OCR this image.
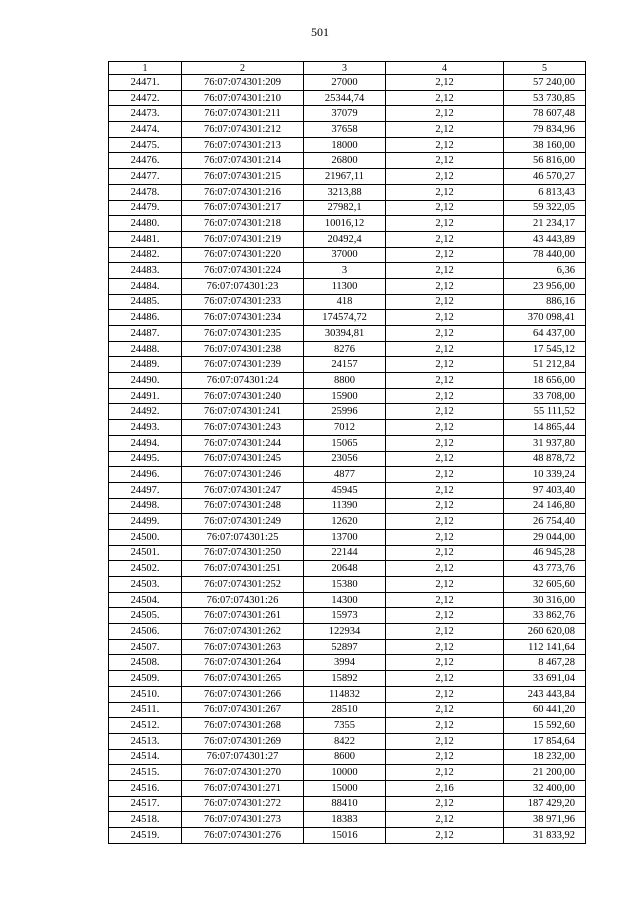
501
1	2	3	4	5
24471.	76:07:074301:209	27000	2,12	57 240,00
24472.	76:07:074301:210	25344,74	2,12	53 730,85
24473.	76:07:074301:211	37079	2,12	78 607,48
24474.	76:07:074301:212	37658	2,12	79 834,96
24475.	76:07:074301:213	18000	2,12	38 160,00
24476.	76:07:074301:214	26800	2,12	56 816,00
24477.	76:07:074301:215	21967,11	2,12	46 570,27
24478.	76:07:074301:216	3213,88	2,12	6 813,43
24479.	76:07:074301:217	27982,1	2,12	59 322,05
24480.	76:07:074301:218	10016,12	2,12	21 234,17
24481.	76:07:074301:219	20492,4	2,12	43 443,89
24482.	76:07:074301:220	37000	2,12	78 440,00
24483.	76:07:074301:224	3	2,12	6,36
24484.	76:07:074301:23	11300	2,12	23 956,00
24485.	76:07:074301:233	418	2,12	886,16
24486.	76:07:074301:234	174574,72	2,12	370 098,41
24487.	76:07:074301:235	30394,81	2,12	64 437,00
24488.	76:07:074301:238	8276	2,12	17 545,12
24489.	76:07:074301:239	24157	2,12	51 212,84
24490.	76:07:074301:24	8800	2,12	18 656,00
24491.	76:07:074301:240	15900	2,12	33 708,00
24492.	76:07:074301:241	25996	2,12	55 111,52
24493.	76:07:074301:243	7012	2,12	14 865,44
24494.	76:07:074301:244	15065	2,12	31 937,80
24495.	76:07:074301:245	23056	2,12	48 878,72
24496.	76:07:074301:246	4877	2,12	10 339,24
24497.	76:07:074301:247	45945	2,12	97 403,40
24498.	76:07:074301:248	11390	2,12	24 146,80
24499.	76:07:074301:249	12620	2,12	26 754,40
24500.	76:07:074301:25	13700	2,12	29 044,00
24501.	76:07:074301:250	22144	2,12	46 945,28
24502.	76:07:074301:251	20648	2,12	43 773,76
24503.	76:07:074301:252	15380	2,12	32 605,60
24504.	76:07:074301:26	14300	2,12	30 316,00
24505.	76:07:074301:261	15973	2,12	33 862,76
24506.	76:07:074301:262	122934	2,12	260 620,08
24507.	76:07:074301:263	52897	2,12	112 141,64
24508.	76:07:074301:264	3994	2,12	8 467,28
24509.	76:07:074301:265	15892	2,12	33 691,04
24510.	76:07:074301:266	114832	2,12	243 443,84
24511.	76:07:074301:267	28510	2,12	60 441,20
24512.	76:07:074301:268	7355	2,12	15 592,60
24513.	76:07:074301:269	8422	2,12	17 854,64
24514.	76:07:074301:27	8600	2,12	18 232,00
24515.	76:07:074301:270	10000	2,12	21 200,00
24516.	76:07:074301:271	15000	2,16	32 400,00
24517.	76:07:074301:272	88410	2,12	187 429,20
24518.	76:07:074301:273	18383	2,12	38 971,96
24519.	76:07:074301:276	15016	2,12	31 833,92
